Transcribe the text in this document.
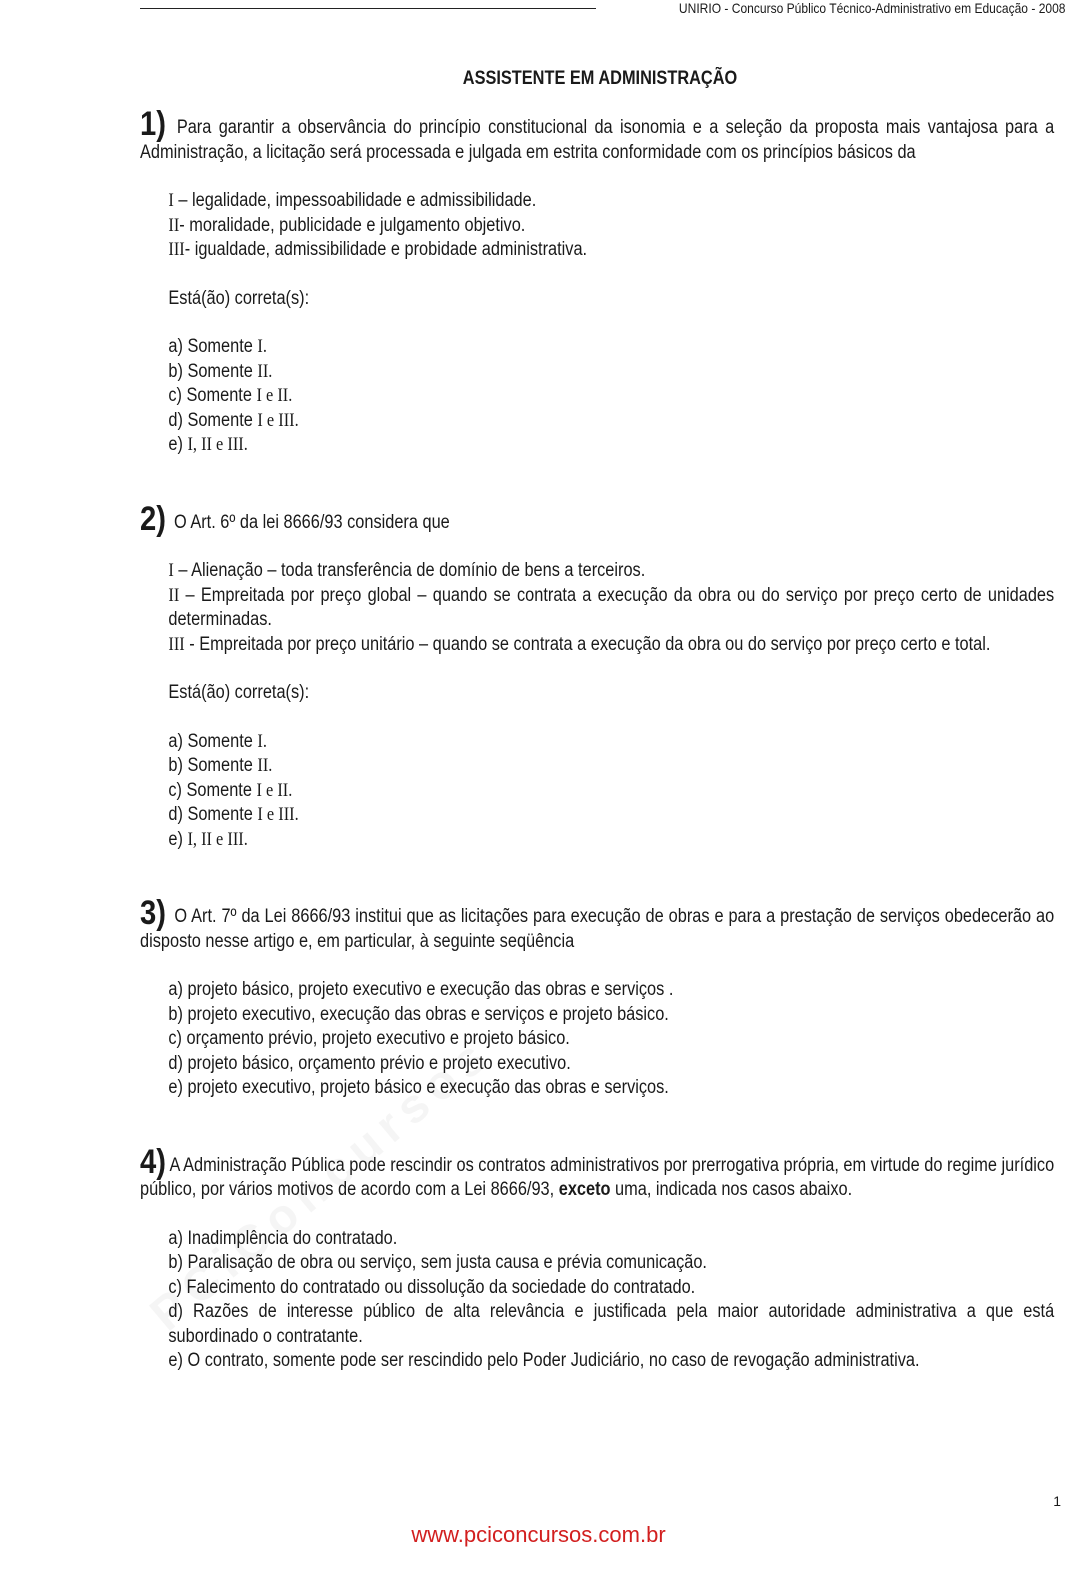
UNIRIO - Concurso Público Técnico-Administrativo em Educação - 2008
ASSISTENTE EM ADMINISTRAÇÃO

1) Para garantir a observância do princípio constitucional da isonomia e a seleção da proposta mais vantajosa para a Administração, a licitação será processada e julgada em estrita conformidade com os princípios básicos da

I – legalidade, impessoabilidade e admissibilidade.

II- moralidade, publicidade e julgamento objetivo.

III- igualdade, admissibilidade e probidade administrativa.

Está(ão) correta(s):

a) Somente I.

b) Somente II.

c) Somente I e II.

d) Somente I e III.

e) I, II e III.

2) O Art. 6º da lei 8666/93 considera que

I – Alienação – toda transferência de domínio de bens a terceiros.

II – Empreitada por preço global – quando se contrata a execução da obra ou do serviço por preço certo de unidades determinadas.

III - Empreitada por preço unitário – quando se contrata a execução da obra ou do serviço por preço certo e total.

Está(ão) correta(s):

a) Somente I.

b) Somente II.

c) Somente I e II.

d) Somente I e III.

e) I, II e III.

3) O Art. 7º da Lei 8666/93 institui que as licitações para execução de obras e para a prestação de serviços obedecerão ao disposto nesse artigo e, em particular, à seguinte seqüência

a) projeto básico, projeto executivo e execução das obras e serviços .

b) projeto executivo, execução das obras e serviços e projeto básico.

c) orçamento prévio, projeto executivo e projeto básico.

d) projeto básico, orçamento prévio e projeto executivo.

e) projeto executivo, projeto básico e execução das obras e serviços.

4) A Administração Pública pode rescindir os contratos administrativos por prerrogativa própria, em virtude do regime jurídico público, por vários motivos de acordo com a Lei 8666/93, exceto uma, indicada nos casos abaixo.

a) Inadimplência do contratado.

b) Paralisação de obra ou serviço, sem justa causa e prévia comunicação.

c) Falecimento do contratado ou dissolução da sociedade do contratado.

d) Razões de interesse público de alta relevância e justificada pela maior autoridade administrativa a que está subordinado o contratante.

e) O contrato, somente pode ser rescindido pelo Poder Judiciário, no caso de revogação administrativa.

1
www.pciconcursos.com.br
